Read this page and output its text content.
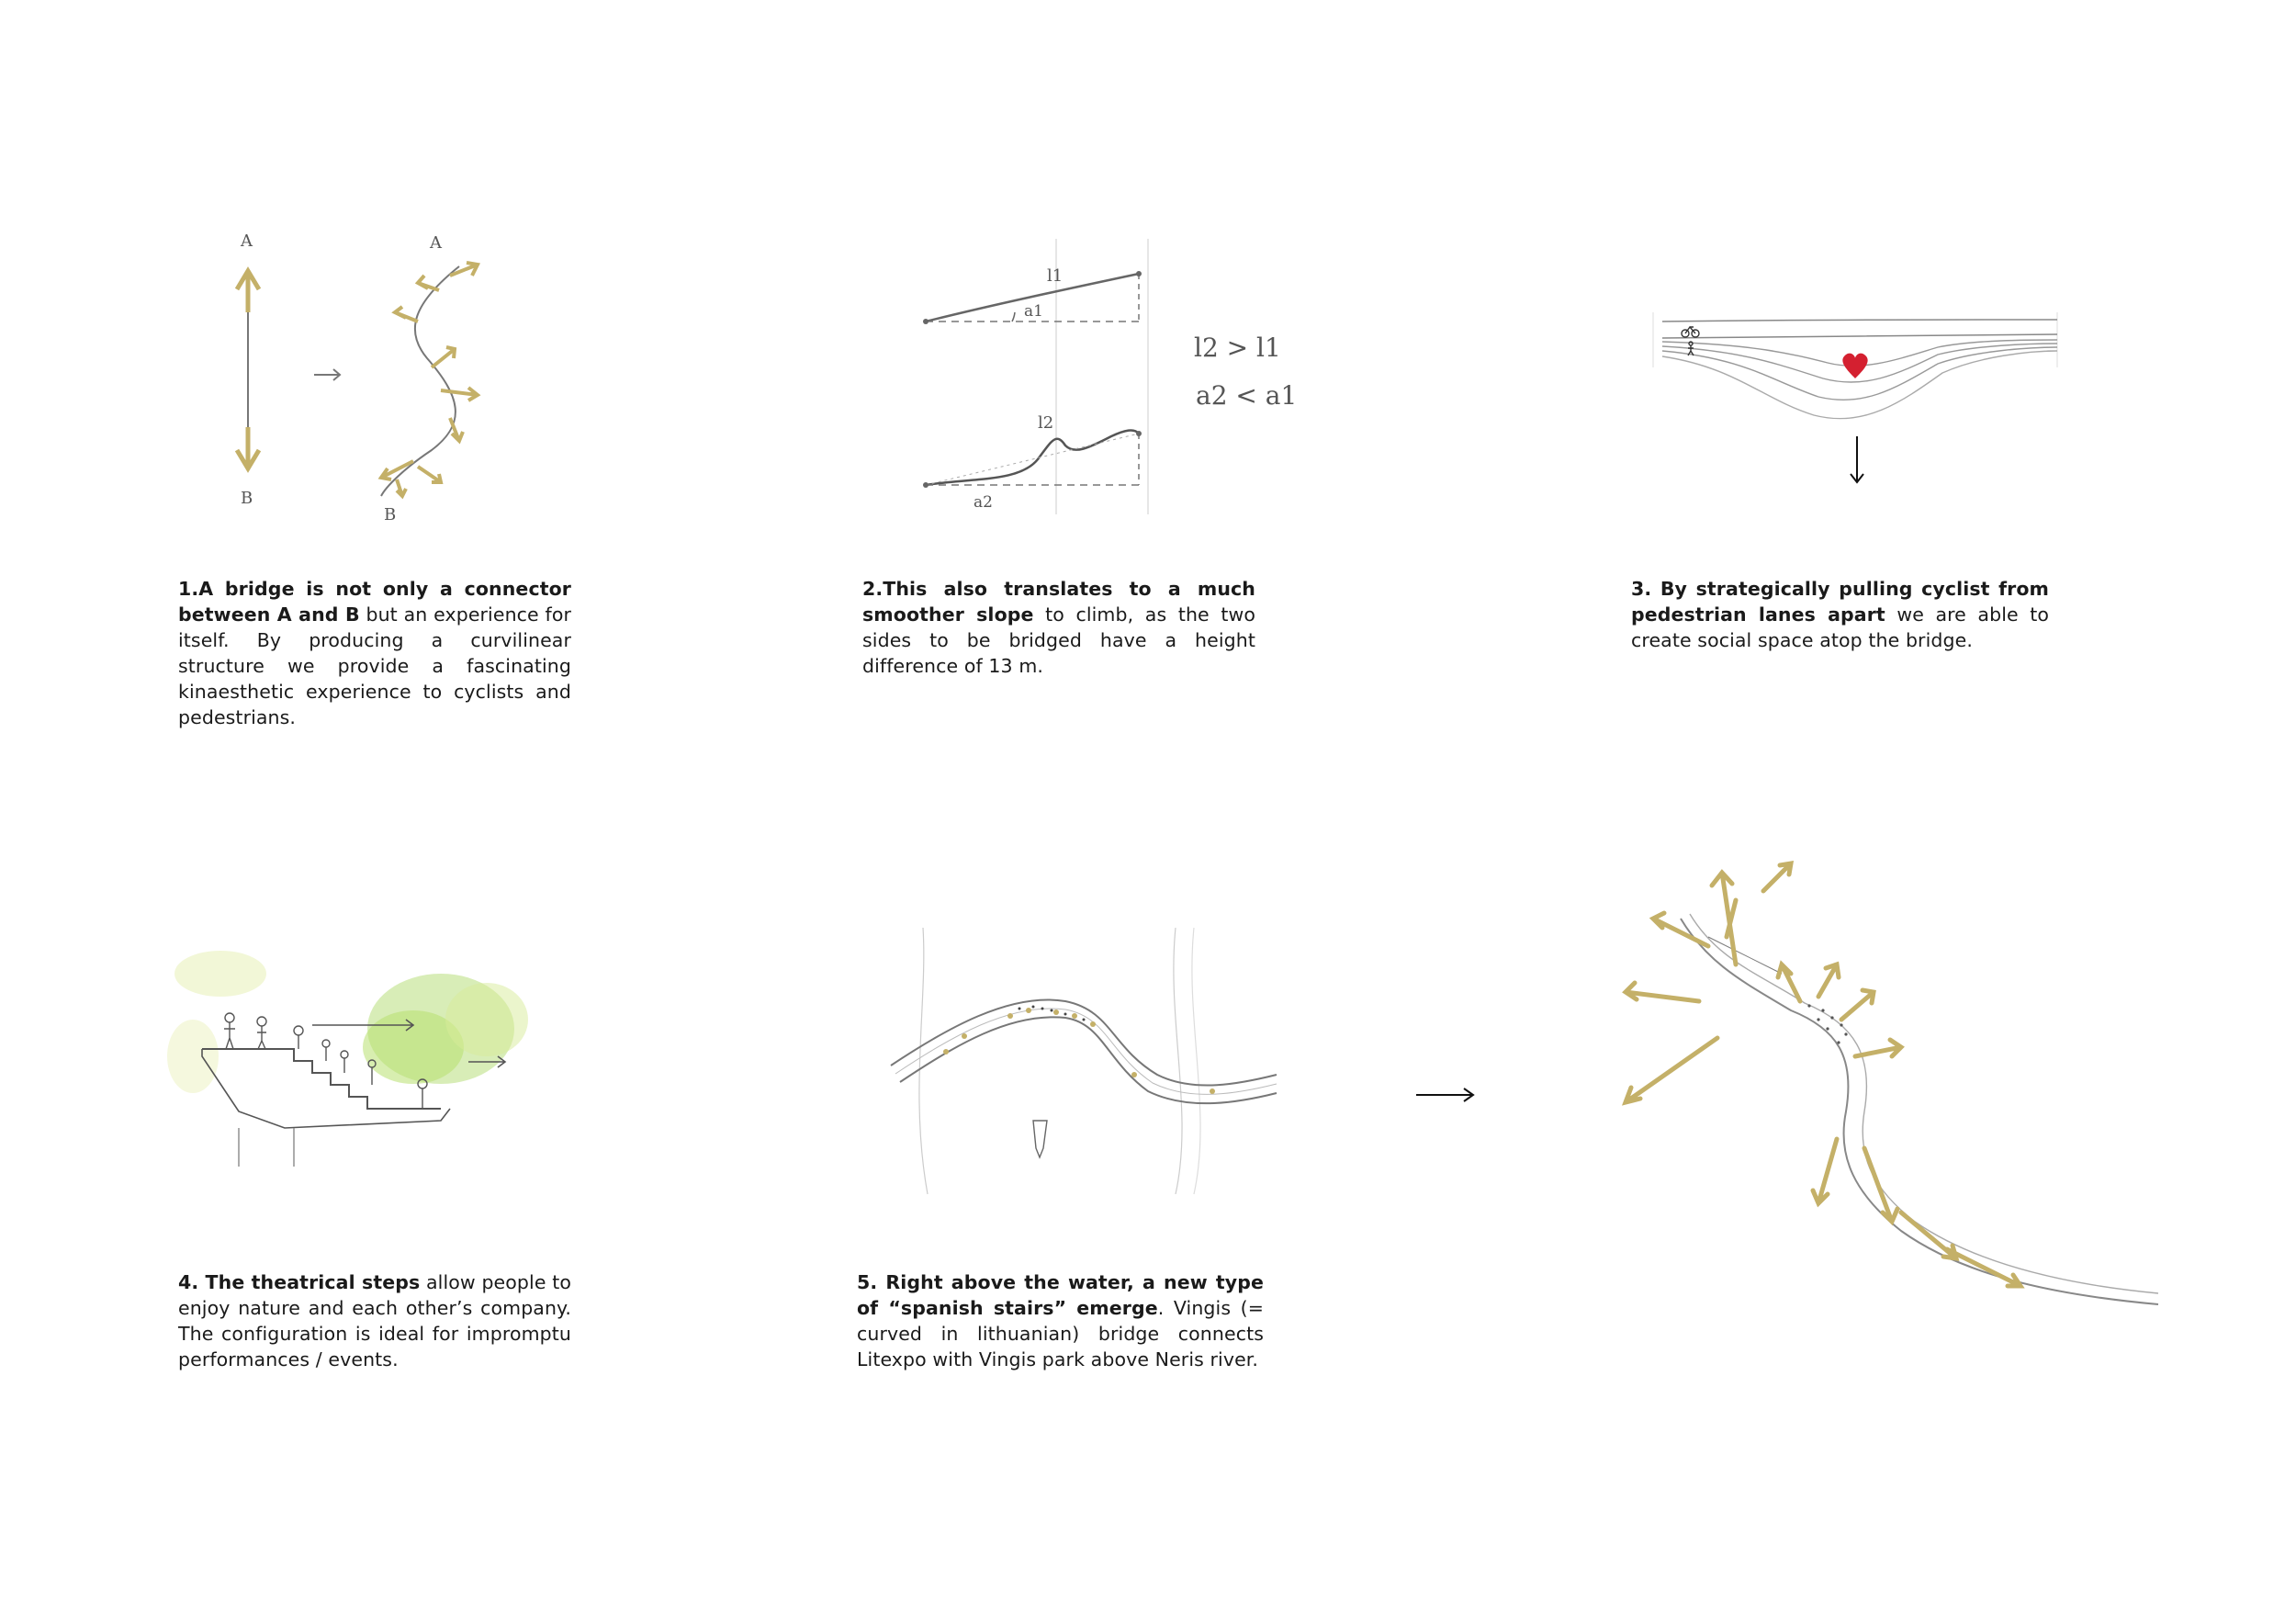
A
B
A
B
l1
a1
l2
a2
l2 > l1
a2 < a1
1.A bridge is not only a connector between A and B but an experience for itself. By producing a curvilinear structure we provide a fascinating kinaesthetic experience to cyclists and pedestrians.
2.This also translates to a much smoother slope to climb, as the two sides to be bridged have a height difference of 13 m.
3. By strategically pulling cyclist from pedestrian lanes apart we are able to create social space atop the bridge.
4. The theatrical steps allow people to enjoy nature and each other’s company. The configuration is ideal for impromptu performances / events.
5. Right above the water, a new type of “spanish stairs” emerge. Vingis (= curved in lithuanian) bridge connects Litexpo with Vingis park above Neris river.
